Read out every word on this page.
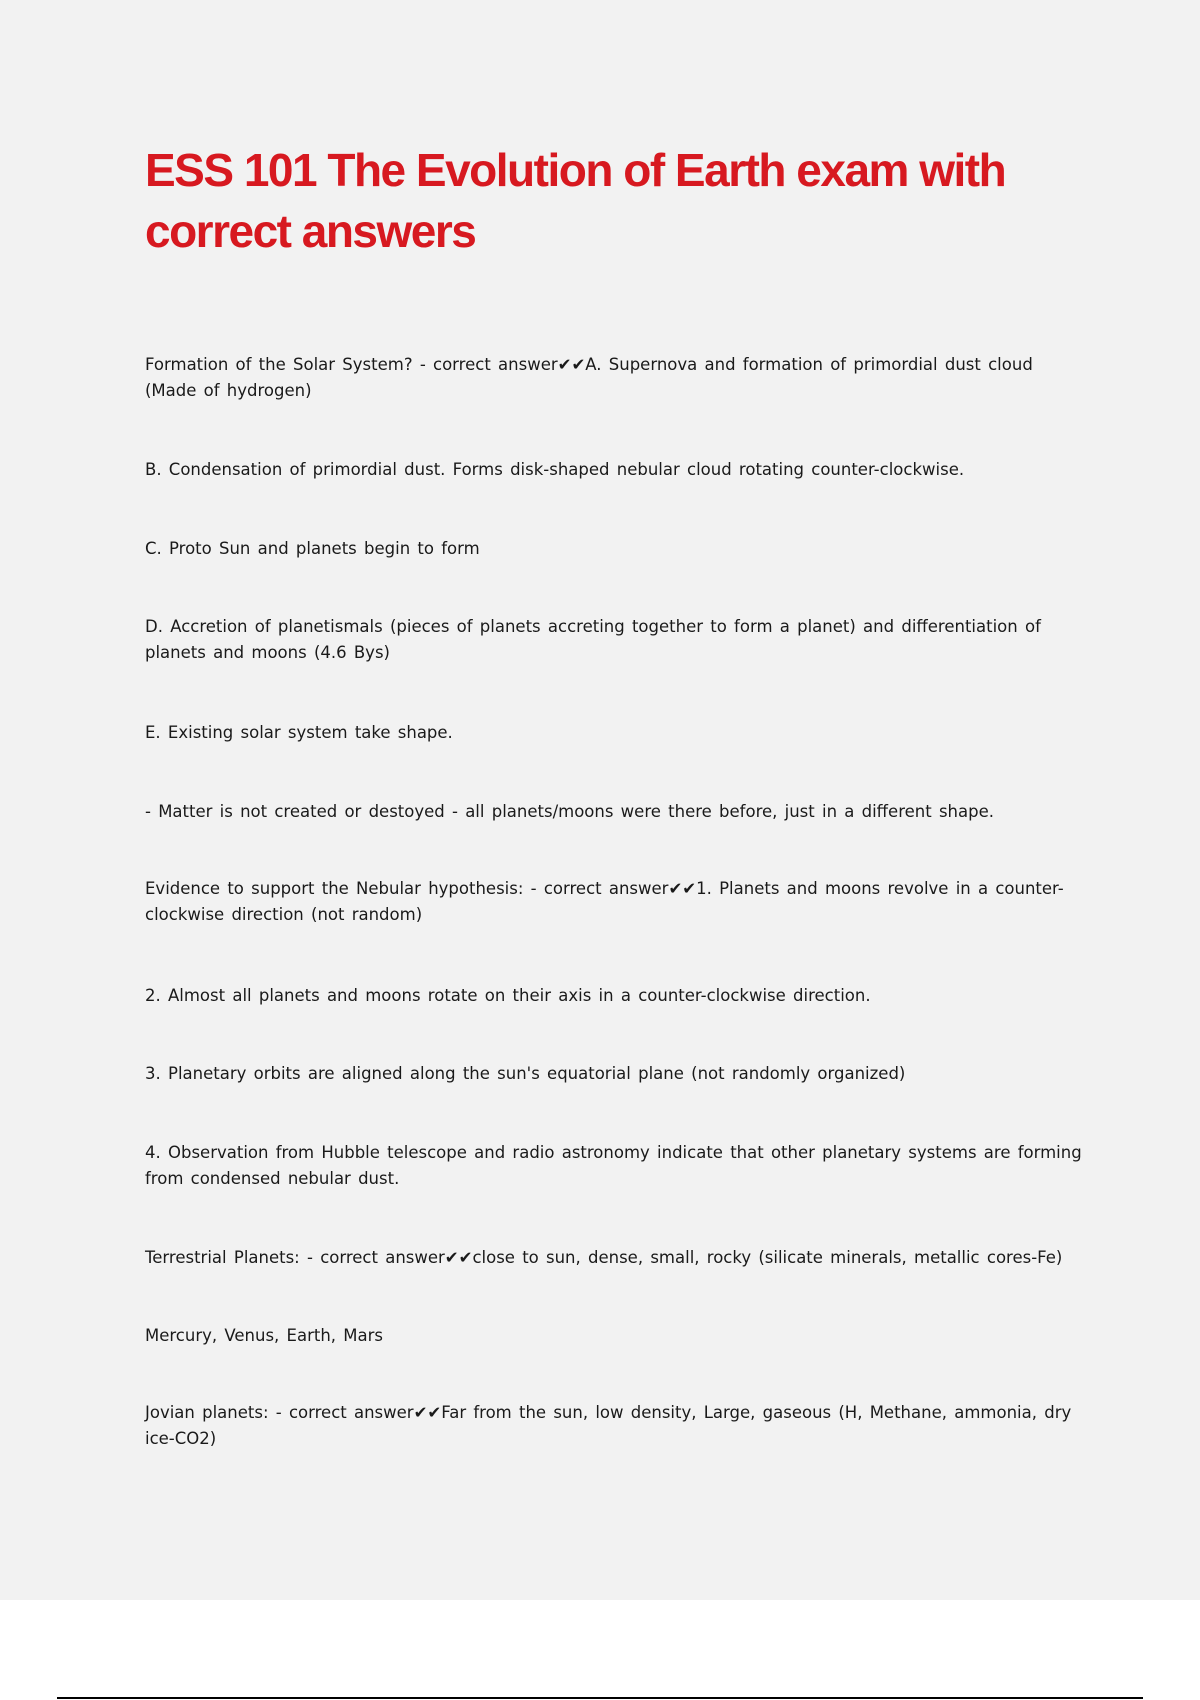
ESS 101 The Evolution of Earth exam with correct answers

Formation of the Solar System? - correct answer✔✔A. Supernova and formation of primordial dust cloud (Made of hydrogen)

B. Condensation of primordial dust. Forms disk-shaped nebular cloud rotating counter-clockwise.

C. Proto Sun and planets begin to form

D. Accretion of planetismals (pieces of planets accreting together to form a planet) and differentiation of planets and moons (4.6 Bys)

E. Existing solar system take shape.

- Matter is not created or destoyed - all planets/moons were there before, just in a different shape.

Evidence to support the Nebular hypothesis: - correct answer✔✔1. Planets and moons revolve in a counter-clockwise direction (not random)

2. Almost all planets and moons rotate on their axis in a counter-clockwise direction.

3. Planetary orbits are aligned along the sun's equatorial plane (not randomly organized)

4. Observation from Hubble telescope and radio astronomy indicate that other planetary systems are forming from condensed nebular dust.

Terrestrial Planets: - correct answer✔✔close to sun, dense, small, rocky (silicate minerals, metallic cores-Fe)

Mercury, Venus, Earth, Mars

Jovian planets: - correct answer✔✔Far from the sun, low density, Large, gaseous (H, Methane, ammonia, dry ice-CO2)
